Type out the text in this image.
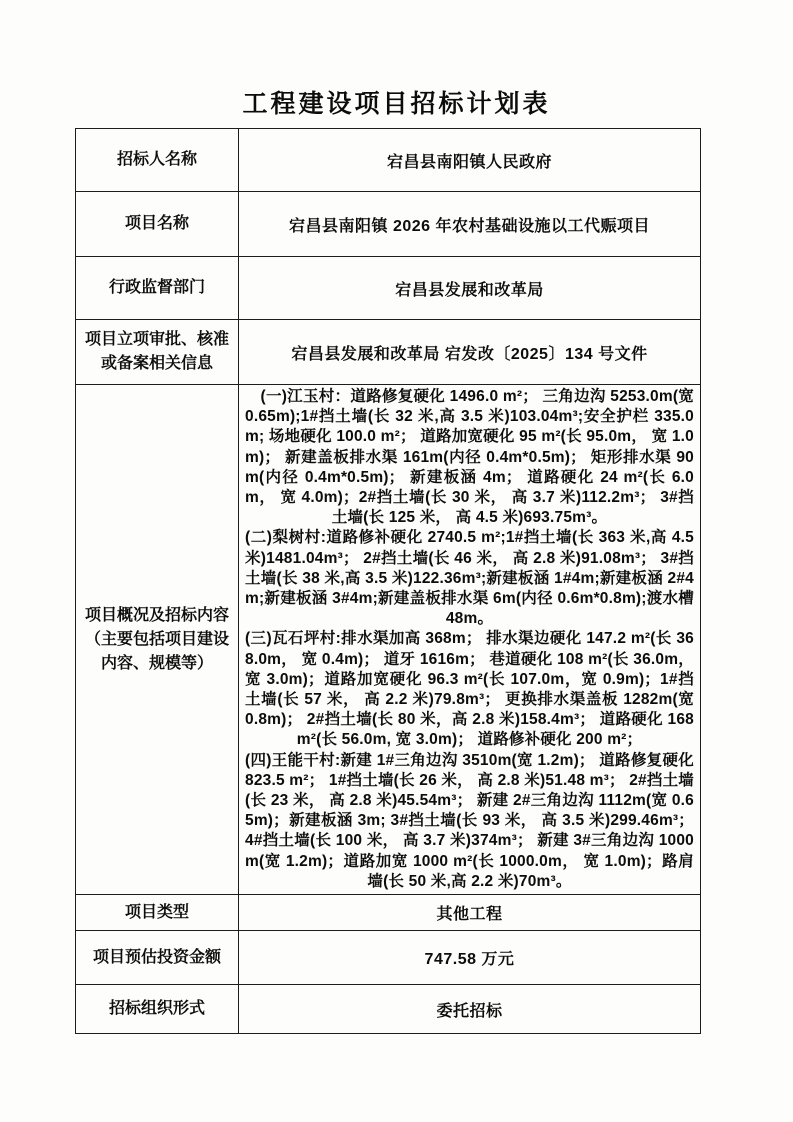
工程建设项目招标计划表
招标人名称	宕昌县南阳镇人民政府
项目名称	宕昌县南阳镇 2026 年农村基础设施以工代赈项目
行政监督部门	宕昌县发展和改革局
项目立项审批、核准或备案相关信息	宕昌县发展和改革局 宕发改〔2025〕134 号文件
项目概况及招标内容（主要包括项目建设内容、规模等）	(一)江玉村：道路修复硬化 1496.0 m²； 三角边沟 5253.0m(宽 0.65m);1#挡土墙(长 32 米,高 3.5 米)103.04m³;安全护栏 335.0m; 场地硬化 100.0 m²； 道路加宽硬化 95 m²(长 95.0m， 宽 1.0m)； 新建盖板排水渠 161m(内径 0.4m*0.5m)； 矩形排水渠 90m(内径 0.4m*0.5m)； 新建板涵 4m； 道路硬化 24 m²(长 6.0m， 宽 4.0m)；2#挡土墙(长 30 米， 高 3.7 米)112.2m³； 3#挡土墙(长 125 米， 高 4.5 米)693.75m³。

(二)梨树村:道路修补硬化 2740.5 m²;1#挡土墙(长 363 米,高 4.5 米)1481.04m³； 2#挡土墙(长 46 米， 高 2.8 米)91.08m³； 3#挡土墙(长 38 米,高 3.5 米)122.36m³;新建板涵 1#4m;新建板涵 2#4m;新建板涵 3#4m;新建盖板排水渠 6m(内径 0.6m*0.8m);渡水槽 48m。

(三)瓦石坪村:排水渠加高 368m； 排水渠边硬化 147.2 m²(长 368.0m， 宽 0.4m)； 道牙 1616m； 巷道硬化 108 m²(长 36.0m， 宽 3.0m)；道路加宽硬化 96.3 m²(长 107.0m，宽 0.9m)；1#挡土墙(长 57 米， 高 2.2 米)79.8m³； 更换排水渠盖板 1282m(宽 0.8m)； 2#挡土墙(长 80 米，高 2.8 米)158.4m³； 道路硬化 168 m²(长 56.0m, 宽 3.0m)； 道路修补硬化 200 m²；

(四)王能干村:新建 1#三角边沟 3510m(宽 1.2m)； 道路修复硬化 823.5 m²； 1#挡土墙(长 26 米， 高 2.8 米)51.48 m³； 2#挡土墙(长 23 米， 高 2.8 米)45.54m³； 新建 2#三角边沟 1112m(宽 0.65m)；新建板涵 3m; 3#挡土墙(长 93 米， 高 3.5 米)299.46m³； 4#挡土墙(长 100 米， 高 3.7 米)374m³； 新建 3#三角边沟 1000m(宽 1.2m)；道路加宽 1000 m²(长 1000.0m， 宽 1.0m)；路肩墙(长 50 米,高 2.2 米)70m³。

项目类型	其他工程
项目预估投资金额	747.58 万元
招标组织形式	委托招标
